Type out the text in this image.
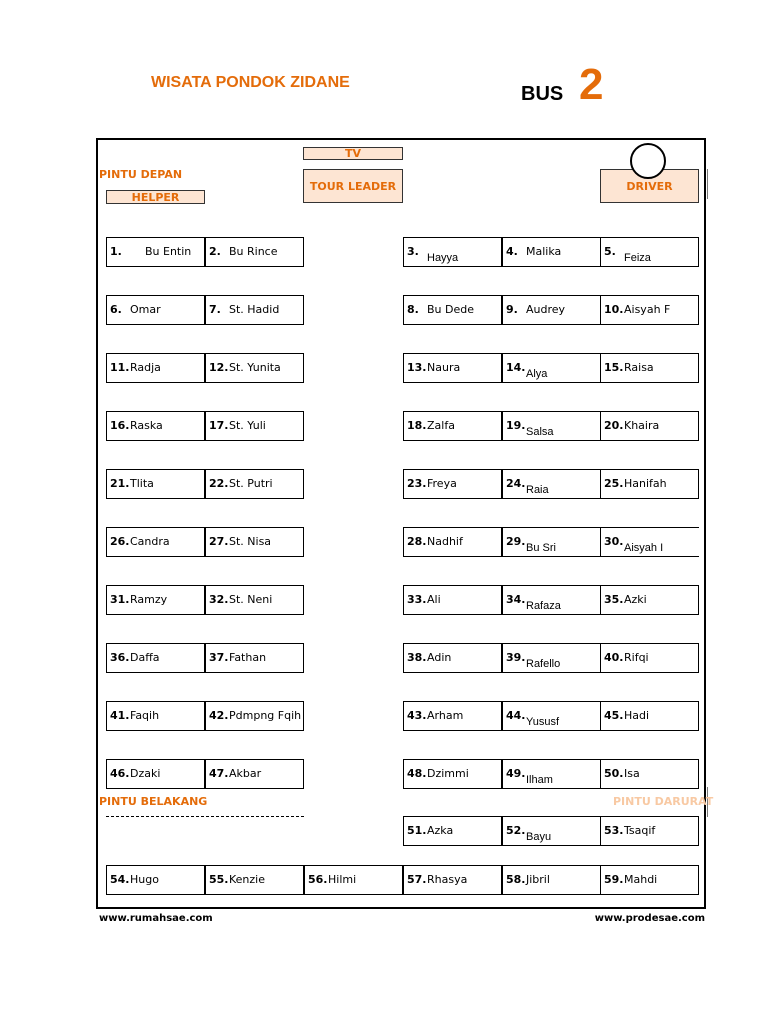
WISATA PONDOK ZIDANE
BUS 2
TV
PINTU DEPAN
HELPER
TOUR LEADER	DRIVER
PINTU BELAKANG	PINTU DARURAT
1. Bu Entin 2. Bu Rince	3. Hayya	4. Malika	5. Feiza
6. Omar	7. St. Hadid	8. Bu Dede	9. Audrey	10. Aisyah F
11. Radja	12. St. Yunita	13. Naura	14. Alya	15. Raisa
16. Raska	17. St. Yuli	18. Zalfa	19. Salsa	20. Khaira
21. Tlita	22. St. Putri	23. Freya	24. Raia	25. Hanifah
26. Candra	27. St. Nisa	28. Nadhif	29. Bu Sri	30. Aisyah I
31. Ramzy	32. St. Neni	33. Ali	34. Rafaza	35. Azki
36. Daffa	37. Fathan	38. Adin	39. Rafello	40. Rifqi
41. Faqih	42. Pdmpng Fqih	43. Arham	44. Yususf	45. Hadi
46. Dzaki	47. Akbar	48. Dzimmi	49. Ilham	50. Isa
51. Azka	52. Bayu	53. Tsaqif
54. Hugo	55. Kenzie	56. Hilmi	57. Rhasya	58. Jibril	59. Mahdi
www.rumahsae.com	www.prodesae.com
